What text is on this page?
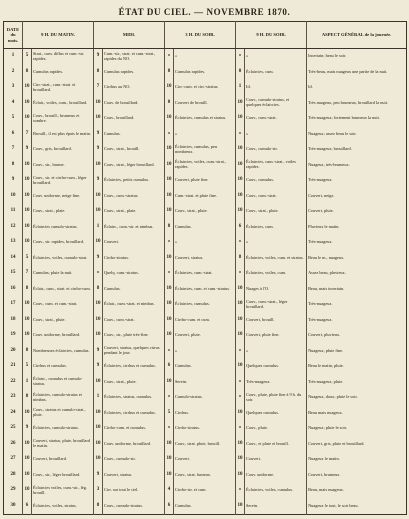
ÉTAT DU CIEL. — NOVEMBRE 1870.
DATE du mois.	9 H. DU MATIN.		MIDI.		3 H. DU SOIR.		9 H. DU SOIR.		ASPECT GÉNÉRAL de la journée.
1	5	Strat., cum. diffus et cum.-str. rapides.	9	Cum.-str., strat. et cum.-strat., rapides du NO.	»	»	»	»	Incertain; beau le soir.
2	8	Cumulus rapides.	8	Cumulus rapides.	8	Cumulus rapides.	0	Éclaircies, cum.	Très-beau, mais nuageux une partie de la nuit.
3	10	Cirr.-strat., cum.-strat. et brouillard.	7	Cirrhus au NO.	10	Cirr.-cum. et cirr.-stratus.	1	Id.	Id.
4	10	Éclair., voiles, cum., brouillard.	10	Couv. de brouillard.	0	Couvert de brouill.	10	Couv., cumulo-stratus, et quelques éclaircies.	Très nuageux, peu brumeux, brouillard la nuit.
5	10	Couv., brouill., brumeux et sombre.	10	Couv., brouillard.	10	Éclaircies, cumulus et stratus.	10	Couv., cum.-strat.	Très-nuageux; fortement brumeux la nuit.
6	7	Brouill., il est plus épais le matin.	9	Cumulus.	»	»	»	»	Nuageux; assez beau le soir.
7	9	Couv., gris, brouillard.	9	Couv., strat., brouill.	10	Éclaircies, cumulus, peu nombreux.	10	Couv., cumulo-str.	Très-nuageux, brouillard.
8	10	Couv., str., brume.	10	Couv., strat., léger brouillard.	10	Éclaircies, voiles, cum.-strat., rapides.	10	Éclaircies, cum.-strat., voiles rapides.	Nuageux, très-brumeux.
9	10	Couv., str. et cirrho-cum., léger brouillard.	9	Éclaircies, petits cumulus.	10	Couvert, pluie fine.	10	Couv., cumulus.	Très-nuageux.
10	10	Couv. uniforme, neige fine.	10	Couv., cum.-stratus.	10	Cum.-strat. et pluie fine.	10	Couv., cum.-strat.	Couvert, neige.
11	10	Couv., strat., plaie.	10	Couv., strat., plaie.	10	Couv., strat., pluie.	10	Couv., strat., pluie.	Couvert, pluie.
12	10	Éclaircies cumulo-stratus.	1	Éclairc., cum.-str. et nimbus.	8	Cumulus.	6	Éclaircies, cum.	Pluvieux le matin.
13	10	Couv., str. rapides, brouillard.	10	Couvert.	»	»	»	»	Très-nuageux.
14	5	Éclaircies, voiles, cumulo-strat.	9	Cirrho-stratus.	10	Couvert, stratus.	8	Éclaircies, voiles, cum. et stratus.	Beau le m., nuageux.
15	7	Cumulus; pluie la nuit.	»	Quelq. cum.-stratus.	»	Éclaircies, cum.-strat.	»	Éclaircies, voiles, cum.	Assez beau, pluvieux.
16	8	Éclair., cum., strat. et cirrho-cum.	8	Cumulus.	10	Éclaircies, cum. et cum.-stratus.	10	Nuages à l'O.	Beau, mais incertain.
17	10	Couv., cum. et cum.-strat.	10	Éclair., cum.-strat. et nimbus.	10	Éclaircies, cumulus.	10	Couv., cum.-strat., léger brouillard.	Très-nuageux.
18	10	Couv., strat., pluie.	10	Couv., cum.-strat.	10	Cirrho-cum. et cum.	10	Couvert, brouill.	Très-nuageux.
19	10	Couv. uniforme, brouillard.	10	Couv., str., pluie très-fine.	10	Couvert, pluie.	10	Couvert, pluie fine.	Couvert, pluvieux.
20	8	Nombreuses éclaircies, cumulus.	9	Couvert, stratus, quelques cirrus pendant le jour.	»	»	»	»	Nuageux, pluie fine.
21	5	Cirrhus et cumulus.	9	Éclaircies, cirrhus et cumulus.	6	Cumulus.	10	Quelques cumulus.	Beau le matin, pluie.
22	1	Éclairc., cumulus et cumulo-stratus.	10	Couv., strat., pluie.	10	Serein.	»	Très-nuageux.	Très-nuageux, pluie.
23	8	Éclaircies, cumulo-stratus et nimbus.	1	Éclaircies, stratus, cumulus.	»	Cumulo-stratus.	»	Couv., pluie, pluie fine à 9 h. du soir.	Nuageux, doux; pluie le soir.
24	10	Couv., stratus et cumulo-strat., pluie.	10	Éclaircies, cirrhus et cumulus.	5	Cirrhus.	10	Quelques cumulus.	Beau mais nuageux.
25	9	Éclaircies, cumulo-stratus.	10	Cirrho-cum. et cumulus.	»	Cirrho-stratus.	»	Couv., pluie.	Nuageux; pluie le soir.
26	10	Couvert, stratus, pluie, brouillard le matin.	10	Couv. uniforme, brouillard.	10	Couv., strat. pluie, brouill.	10	Couv., et pluie et brouill.	Couvert, gris, pluie et brouillard.
27	10	Couvert, brouillard.	10	Couv., cumulo-str.	10	Couvert.	10	Couvert.	Nuageux le matin.
28	10	Couv., str., léger brouillard.	9	Couvert, stratus.	10	Couv., strat. fumeux.	10	Couv. uniforme.	Couvert, brumeux.
29	10	Éclaircies voiles, cum.-str., lég. brouill.	3	Cirr. sur tout le ciel.	4	Cirrho-str. et cum.	»	Éclaircies, voiles, cumulus.	Beau, mais nuageux.
30	6	Éclaircies, voiles, stratus.	8	Couv., cumulo-stratus.	6	Cumulus.	10	Serein.	Nuageux le tout, le soir beau.
